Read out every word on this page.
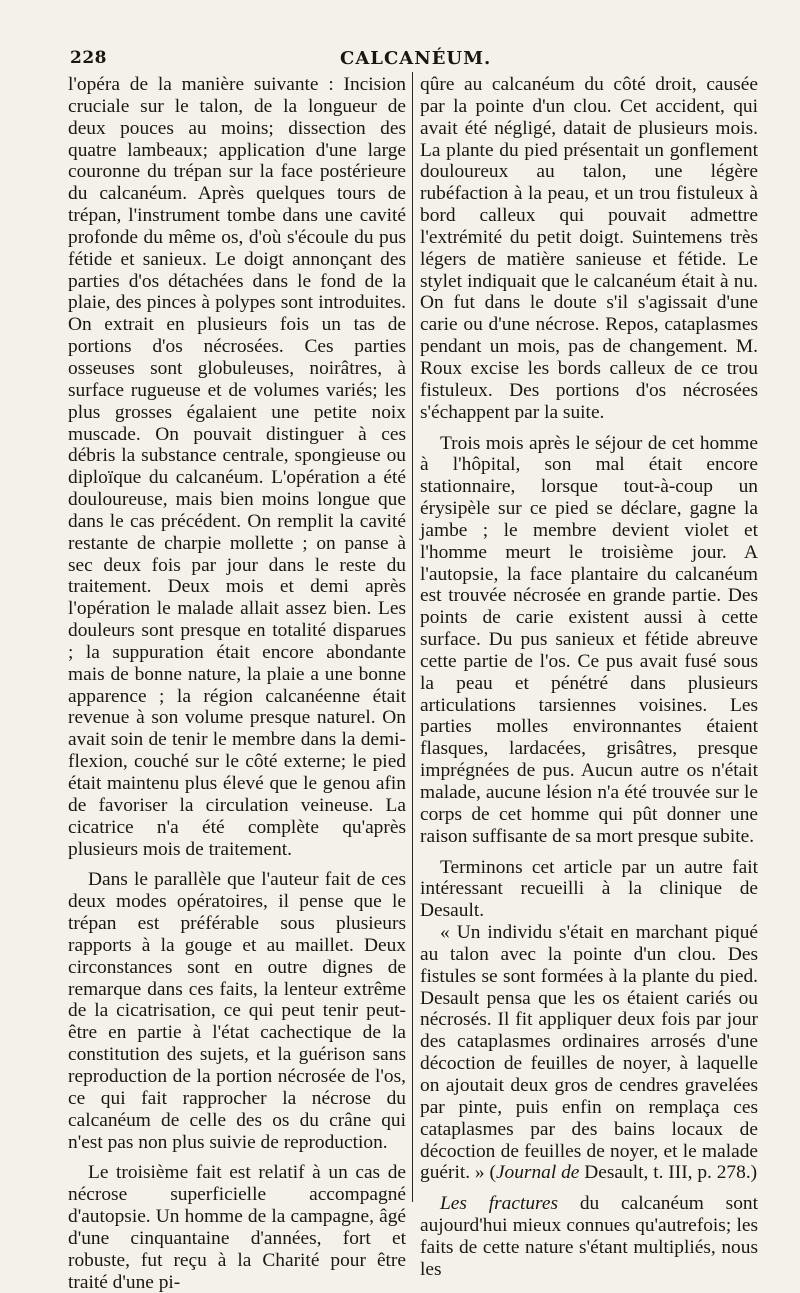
228	CALCANÉUM.

l'opéra de la manière suivante : Incision cruciale sur le talon, de la longueur de deux pouces au moins; dissection des quatre lambeaux; application d'une large couronne du trépan sur la face postérieure du calcanéum. Après quelques tours de trépan, l'instrument tombe dans une cavité profonde du même os, d'où s'écoule du pus fétide et sanieux. Le doigt annonçant des parties d'os détachées dans le fond de la plaie, des pinces à polypes sont introduites. On extrait en plusieurs fois un tas de portions d'os nécrosées. Ces parties osseuses sont globuleuses, noirâtres, à surface rugueuse et de volumes variés; les plus grosses égalaient une petite noix muscade. On pouvait distinguer à ces débris la substance centrale, spongieuse ou diploïque du calcanéum. L'opération a été douloureuse, mais bien moins longue que dans le cas précédent. On remplit la cavité restante de charpie mollette ; on panse à sec deux fois par jour dans le reste du traitement. Deux mois et demi après l'opération le malade allait assez bien. Les douleurs sont presque en totalité disparues ; la suppuration était encore abondante mais de bonne nature, la plaie a une bonne apparence ; la région calcanéenne était revenue à son volume presque naturel. On avait soin de tenir le membre dans la demi-flexion, couché sur le côté externe; le pied était maintenu plus élevé que le genou afin de favoriser la circulation veineuse. La cicatrice n'a été complète qu'après plusieurs mois de traitement.

Dans le parallèle que l'auteur fait de ces deux modes opératoires, il pense que le trépan est préférable sous plusieurs rapports à la gouge et au maillet. Deux circonstances sont en outre dignes de remarque dans ces faits, la lenteur extrême de la cicatrisation, ce qui peut tenir peut-être en partie à l'état cachectique de la constitution des sujets, et la guérison sans reproduction de la portion nécrosée de l'os, ce qui fait rapprocher la nécrose du calcanéum de celle des os du crâne qui n'est pas non plus suivie de reproduction.

Le troisième fait est relatif à un cas de nécrose superficielle accompagné d'autopsie. Un homme de la campagne, âgé d'une cinquantaine d'années, fort et robuste, fut reçu à la Charité pour être traité d'une pi-

qûre au calcanéum du côté droit, causée par la pointe d'un clou. Cet accident, qui avait été négligé, datait de plusieurs mois. La plante du pied présentait un gonflement douloureux au talon, une légère rubéfaction à la peau, et un trou fistuleux à bord calleux qui pouvait admettre l'extrémité du petit doigt. Suintemens très légers de matière sanieuse et fétide. Le stylet indiquait que le calcanéum était à nu. On fut dans le doute s'il s'agissait d'une carie ou d'une nécrose. Repos, cataplasmes pendant un mois, pas de changement. M. Roux excise les bords calleux de ce trou fistuleux. Des portions d'os nécrosées s'échappent par la suite.

Trois mois après le séjour de cet homme à l'hôpital, son mal était encore stationnaire, lorsque tout-à-coup un érysipèle sur ce pied se déclare, gagne la jambe ; le membre devient violet et l'homme meurt le troisième jour. A l'autopsie, la face plantaire du calcanéum est trouvée nécrosée en grande partie. Des points de carie existent aussi à cette surface. Du pus sanieux et fétide abreuve cette partie de l'os. Ce pus avait fusé sous la peau et pénétré dans plusieurs articulations tarsiennes voisines. Les parties molles environnantes étaient flasques, lardacées, grisâtres, presque imprégnées de pus. Aucun autre os n'était malade, aucune lésion n'a été trouvée sur le corps de cet homme qui pût donner une raison suffisante de sa mort presque subite.

Terminons cet article par un autre fait intéressant recueilli à la clinique de Desault.

« Un individu s'était en marchant piqué au talon avec la pointe d'un clou. Des fistules se sont formées à la plante du pied. Desault pensa que les os étaient cariés ou nécrosés. Il fit appliquer deux fois par jour des cataplasmes ordinaires arrosés d'une décoction de feuilles de noyer, à laquelle on ajoutait deux gros de cendres gravelées par pinte, puis enfin on remplaça ces cataplasmes par des bains locaux de décoction de feuilles de noyer, et le malade guérit. » (Journal de Desault, t. III, p. 278.)

Les fractures du calcanéum sont aujourd'hui mieux connues qu'autrefois; les faits de cette nature s'étant multipliés, nous les
